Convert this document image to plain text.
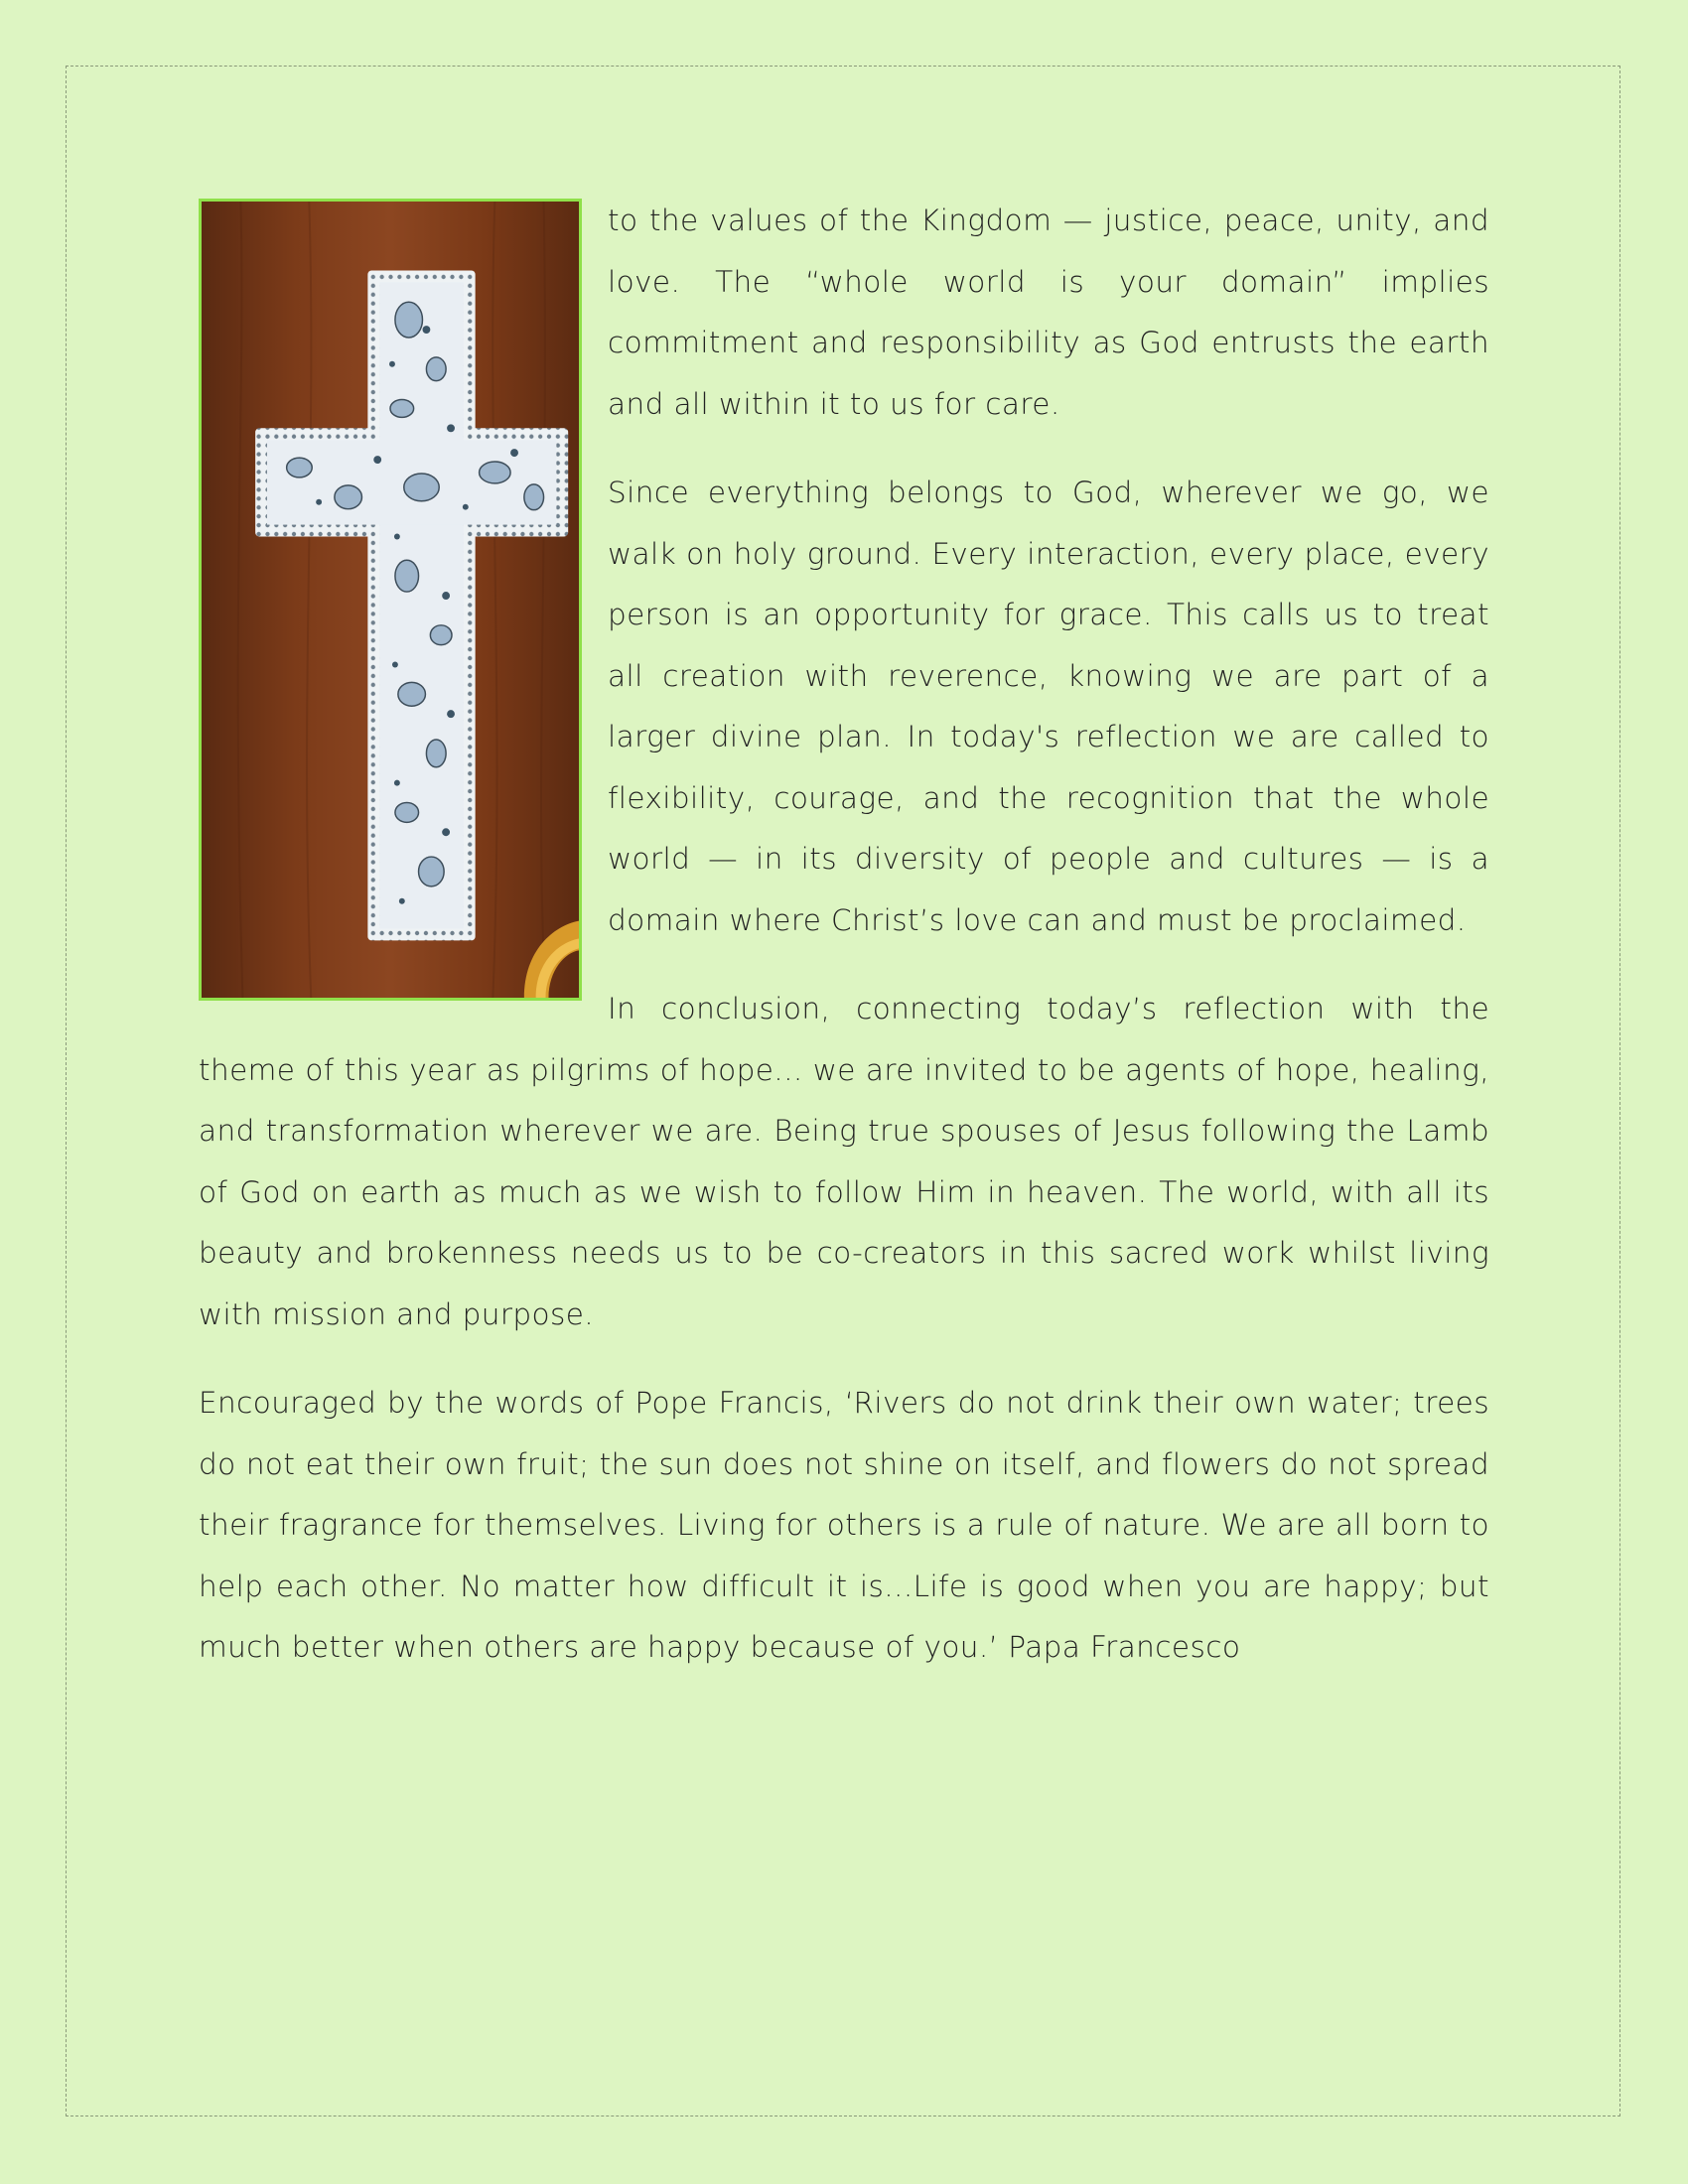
to the values of the Kingdom — justice, peace, unity, and love. The “whole world is your domain” implies commitment and responsibility as God entrusts the earth and all within it to us for care.

Since everything belongs to God, wherever we go, we walk on holy ground. Every interaction, every place, every person is an opportunity for grace. This calls us to treat all creation with reverence, knowing we are part of a larger divine plan. In today's reflection we are called to flexibility, courage, and the recognition that the whole world — in its diversity of people and cultures — is a domain where Christ’s love can and must be proclaimed.

In conclusion, connecting today’s reflection with the theme of this year as pilgrims of hope... we are invited to be agents of hope, healing, and transformation wherever we are. Being true spouses of Jesus following the Lamb of God on earth as much as we wish to follow Him in heaven. The world, with all its beauty and brokenness needs us to be co-creators in this sacred work whilst living with mission and purpose.

Encouraged by the words of Pope Francis, ‘Rivers do not drink their own water; trees do not eat their own fruit; the sun does not shine on itself, and flowers do not spread their fragrance for themselves. Living for others is a rule of nature. We are all born to help each other. No matter how difficult it is...Life is good when you are happy; but much better when others are happy because of you.’ Papa Francesco
